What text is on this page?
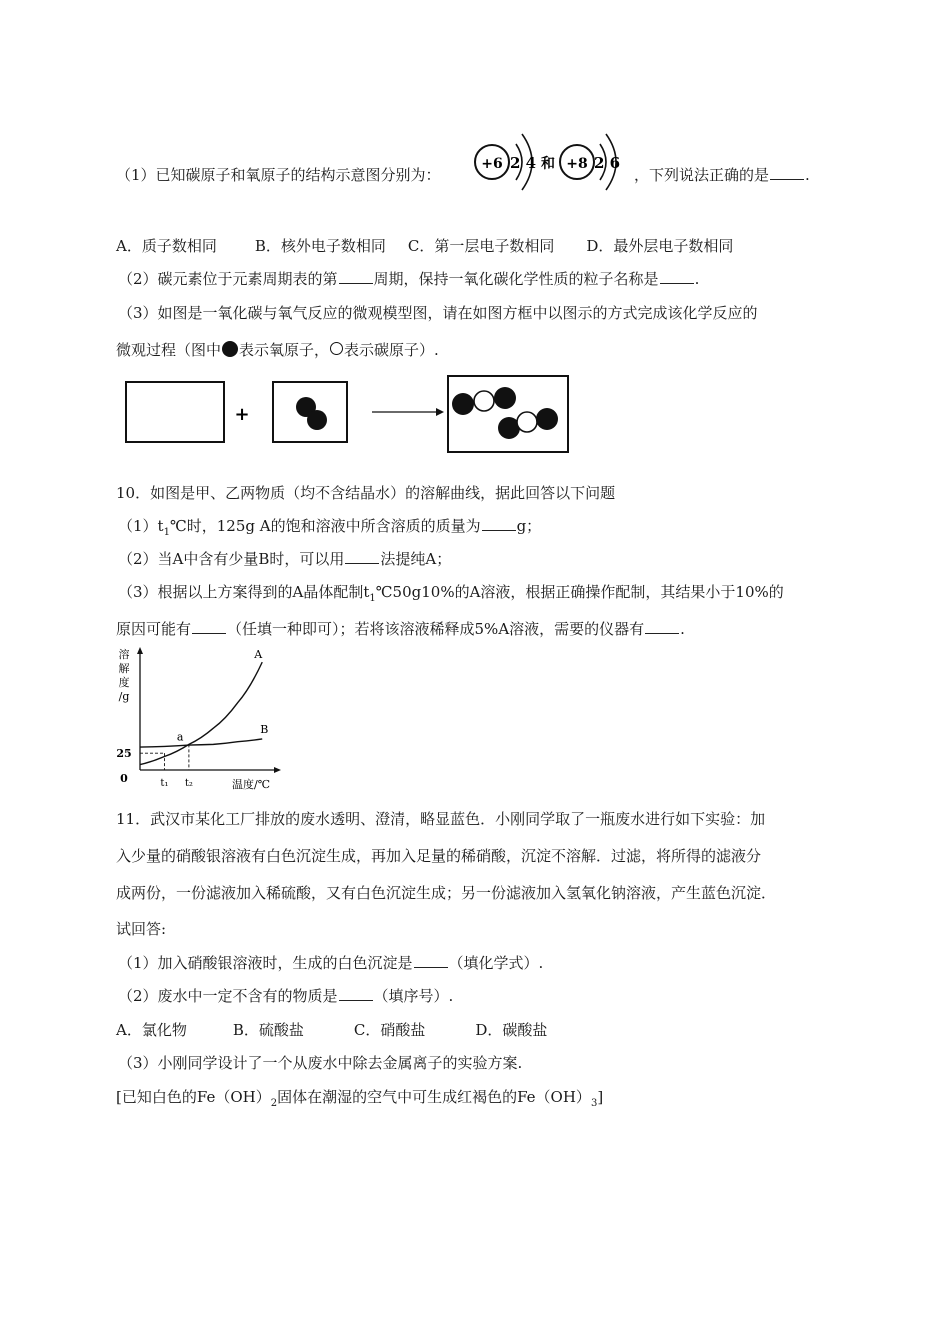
（1）已知碳原子和氧原子的结构示意图分别为：
+6 2 4 和 +8 2 6
，下列说法正确的是 .
A．质子数相同	B．核外电子数相同 C．第一层电子数相同 D．最外层电子数相同
（2）碳元素位于元素周期表的第 周期，保持一氧化碳化学性质的粒子名称是 .
（3）如图是一氧化碳与氧气反应的微观模型图，请在如图方框中以图示的方式完成该化学反应的
微观过程（图中 表示氧原子， 表示碳原子）.
+
10．如图是甲、乙两物质（均不含结晶水）的溶解曲线，据此回答以下问题
$(1)t_1℃$时，125g A的饱和溶液中所含溶质的质量为 g；
（2）当A中含有少量B时，可以用 法提纯A；
（3）根据以上方案得到的A晶体配制$t_1℃50g10\%$的A溶液，根据正确操作配制，其结果小于10%的
原因可能有 （任填一种即可）；若将该溶液稀释成5%A溶液，需要的仪器有 .
溶
解
度
/g
温度/℃
0
25
t₁ t₂
A
B
a
11．武汉市某化工厂排放的废水透明、澄清，略显蓝色．小刚同学取了一瓶废水进行如下实验：加
入少量的硝酸银溶液有白色沉淀生成，再加入足量的稀硝酸，沉淀不溶解．过滤，将所得的滤液分
成两份，一份滤液加入稀硫酸，又有白色沉淀生成；另一份滤液加入氢氧化钠溶液，产生蓝色沉淀．
试回答:
（1）加入硝酸银溶液时，生成的白色沉淀是 （填化学式）.
（2）废水中一定不含有的物质是 （填序号）.
A．氯化物	B．硫酸盐	C．硝酸盐	D．碳酸盐
（3）小刚同学设计了一个从废水中除去金属离子的实验方案.
[已知白色的$Fe(OH)_2$固体在潮湿的空气中可生成红褐色的$Fe(OH)_3$]
